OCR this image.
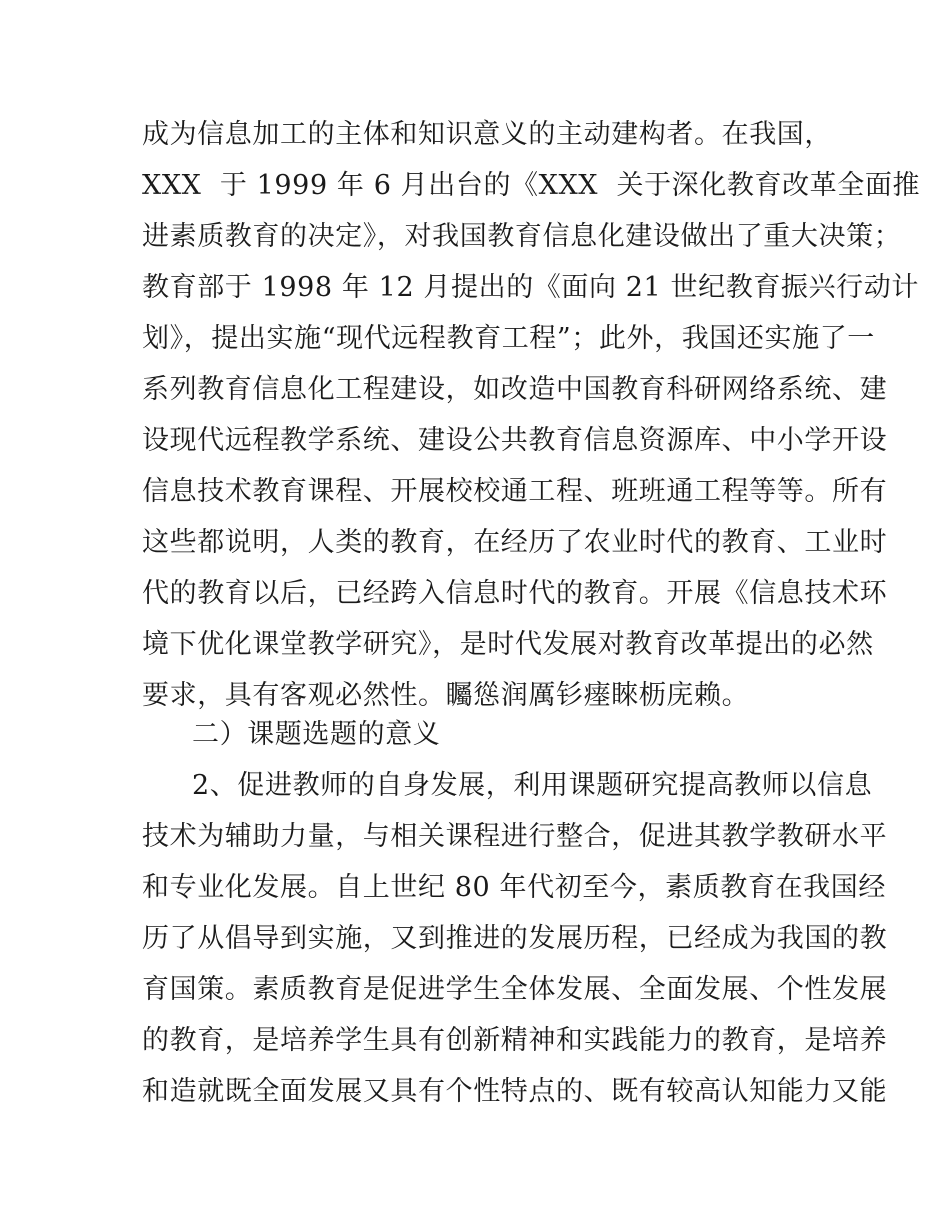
成为信息加工的主体和知识意义的主动建构者。在我国，

XXX  于 1999 年 6 月出台的《XXX  关于深化教育改革全面推

进素质教育的决定》，对我国教育信息化建设做出了重大决策；

教育部于 1998 年 12 月提出的《面向 21 世纪教育振兴行动计

划》，提出实施“现代远程教育工程”；此外，我国还实施了一

系列教育信息化工程建设，如改造中国教育科研网络系统、建

设现代远程教学系统、建设公共教育信息资源库、中小学开设

信息技术教育课程、开展校校通工程、班班通工程等等。所有

这些都说明，人类的教育，在经历了农业时代的教育、工业时

代的教育以后，已经跨入信息时代的教育。开展《信息技术环

境下优化课堂教学研究》，是时代发展对教育改革提出的必然

要求，具有客观必然性。矚慫润厲钐瘗睞枥庑赖。

二）课题选题的意义

2、促进教师的自身发展，利用课题研究提高教师以信息

技术为辅助力量，与相关课程进行整合，促进其教学教研水平

和专业化发展。自上世纪 80 年代初至今，素质教育在我国经

历了从倡导到实施，又到推进的发展历程，已经成为我国的教

育国策。素质教育是促进学生全体发展、全面发展、个性发展

的教育，是培养学生具有创新精神和实践能力的教育，是培养

和造就既全面发展又具有个性特点的、既有较高认知能力又能
